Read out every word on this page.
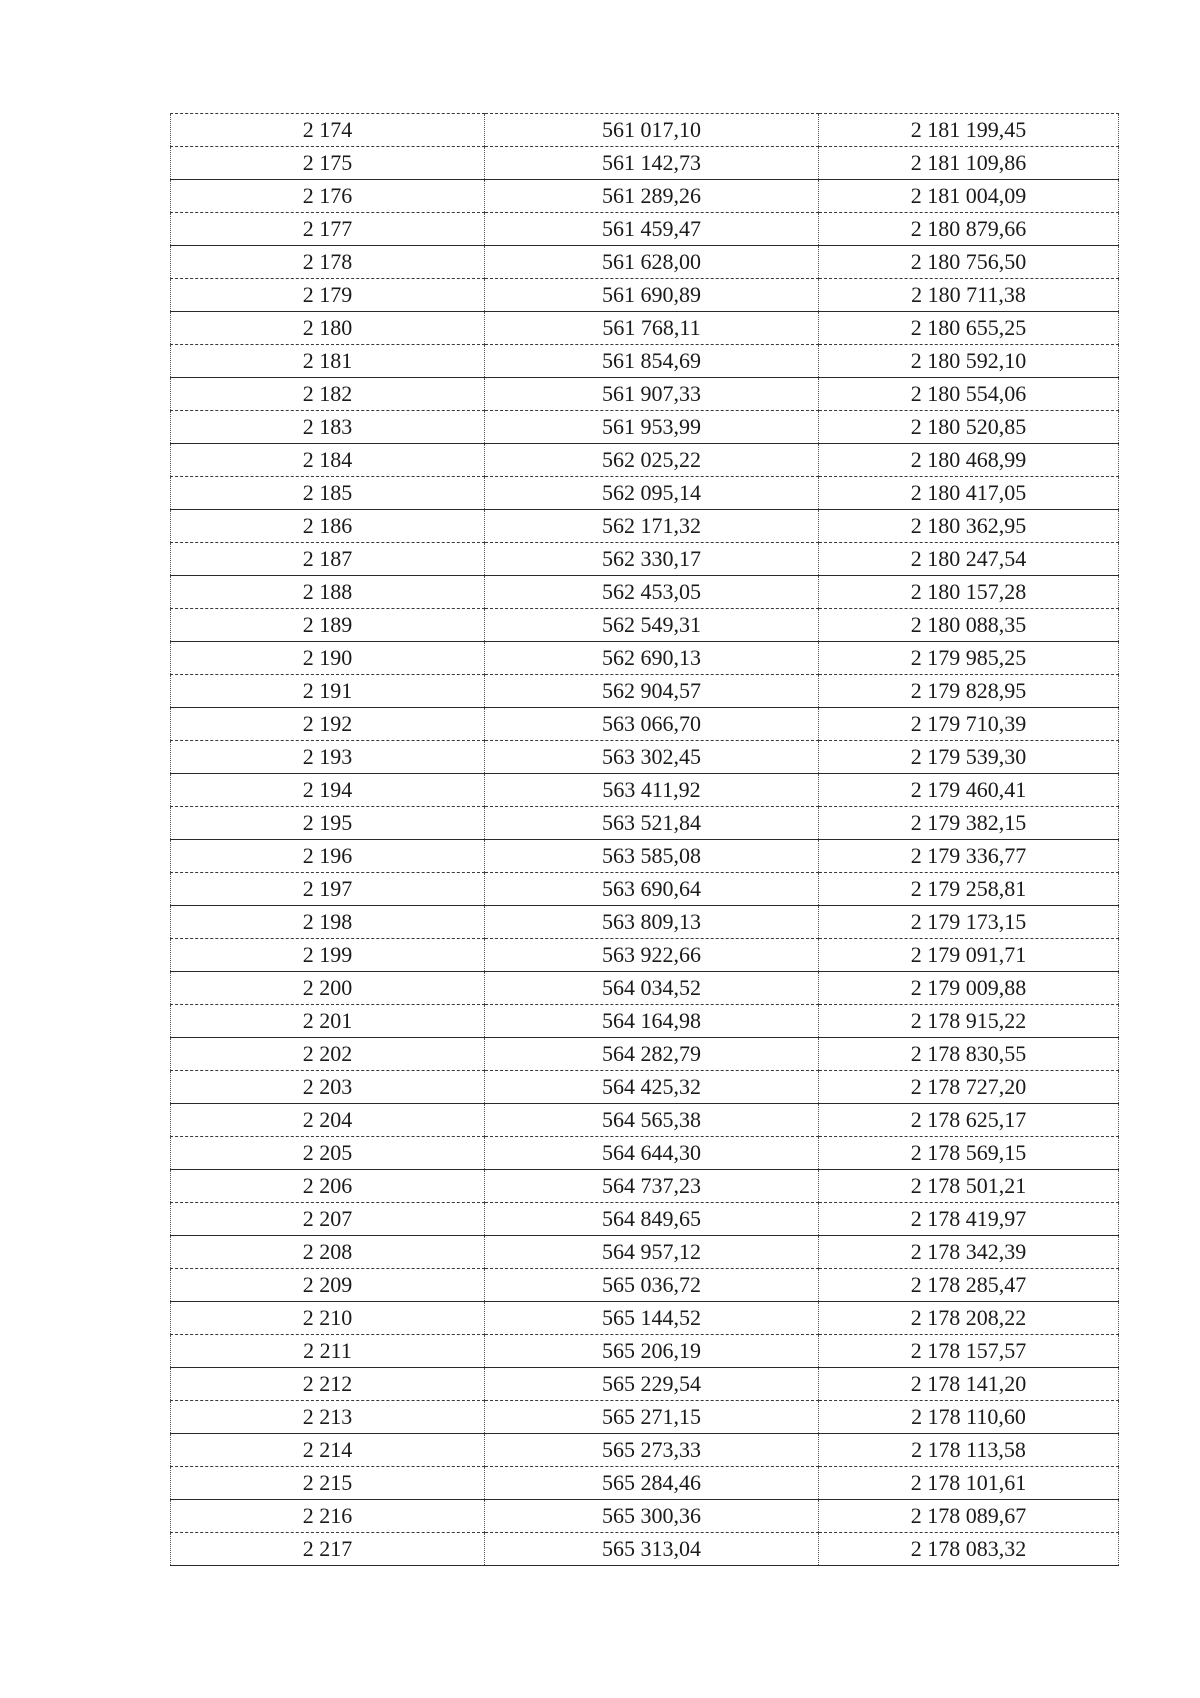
2 174	561 017,10	2 181 199,45
2 175	561 142,73	2 181 109,86
2 176	561 289,26	2 181 004,09
2 177	561 459,47	2 180 879,66
2 178	561 628,00	2 180 756,50
2 179	561 690,89	2 180 711,38
2 180	561 768,11	2 180 655,25
2 181	561 854,69	2 180 592,10
2 182	561 907,33	2 180 554,06
2 183	561 953,99	2 180 520,85
2 184	562 025,22	2 180 468,99
2 185	562 095,14	2 180 417,05
2 186	562 171,32	2 180 362,95
2 187	562 330,17	2 180 247,54
2 188	562 453,05	2 180 157,28
2 189	562 549,31	2 180 088,35
2 190	562 690,13	2 179 985,25
2 191	562 904,57	2 179 828,95
2 192	563 066,70	2 179 710,39
2 193	563 302,45	2 179 539,30
2 194	563 411,92	2 179 460,41
2 195	563 521,84	2 179 382,15
2 196	563 585,08	2 179 336,77
2 197	563 690,64	2 179 258,81
2 198	563 809,13	2 179 173,15
2 199	563 922,66	2 179 091,71
2 200	564 034,52	2 179 009,88
2 201	564 164,98	2 178 915,22
2 202	564 282,79	2 178 830,55
2 203	564 425,32	2 178 727,20
2 204	564 565,38	2 178 625,17
2 205	564 644,30	2 178 569,15
2 206	564 737,23	2 178 501,21
2 207	564 849,65	2 178 419,97
2 208	564 957,12	2 178 342,39
2 209	565 036,72	2 178 285,47
2 210	565 144,52	2 178 208,22
2 211	565 206,19	2 178 157,57
2 212	565 229,54	2 178 141,20
2 213	565 271,15	2 178 110,60
2 214	565 273,33	2 178 113,58
2 215	565 284,46	2 178 101,61
2 216	565 300,36	2 178 089,67
2 217	565 313,04	2 178 083,32
